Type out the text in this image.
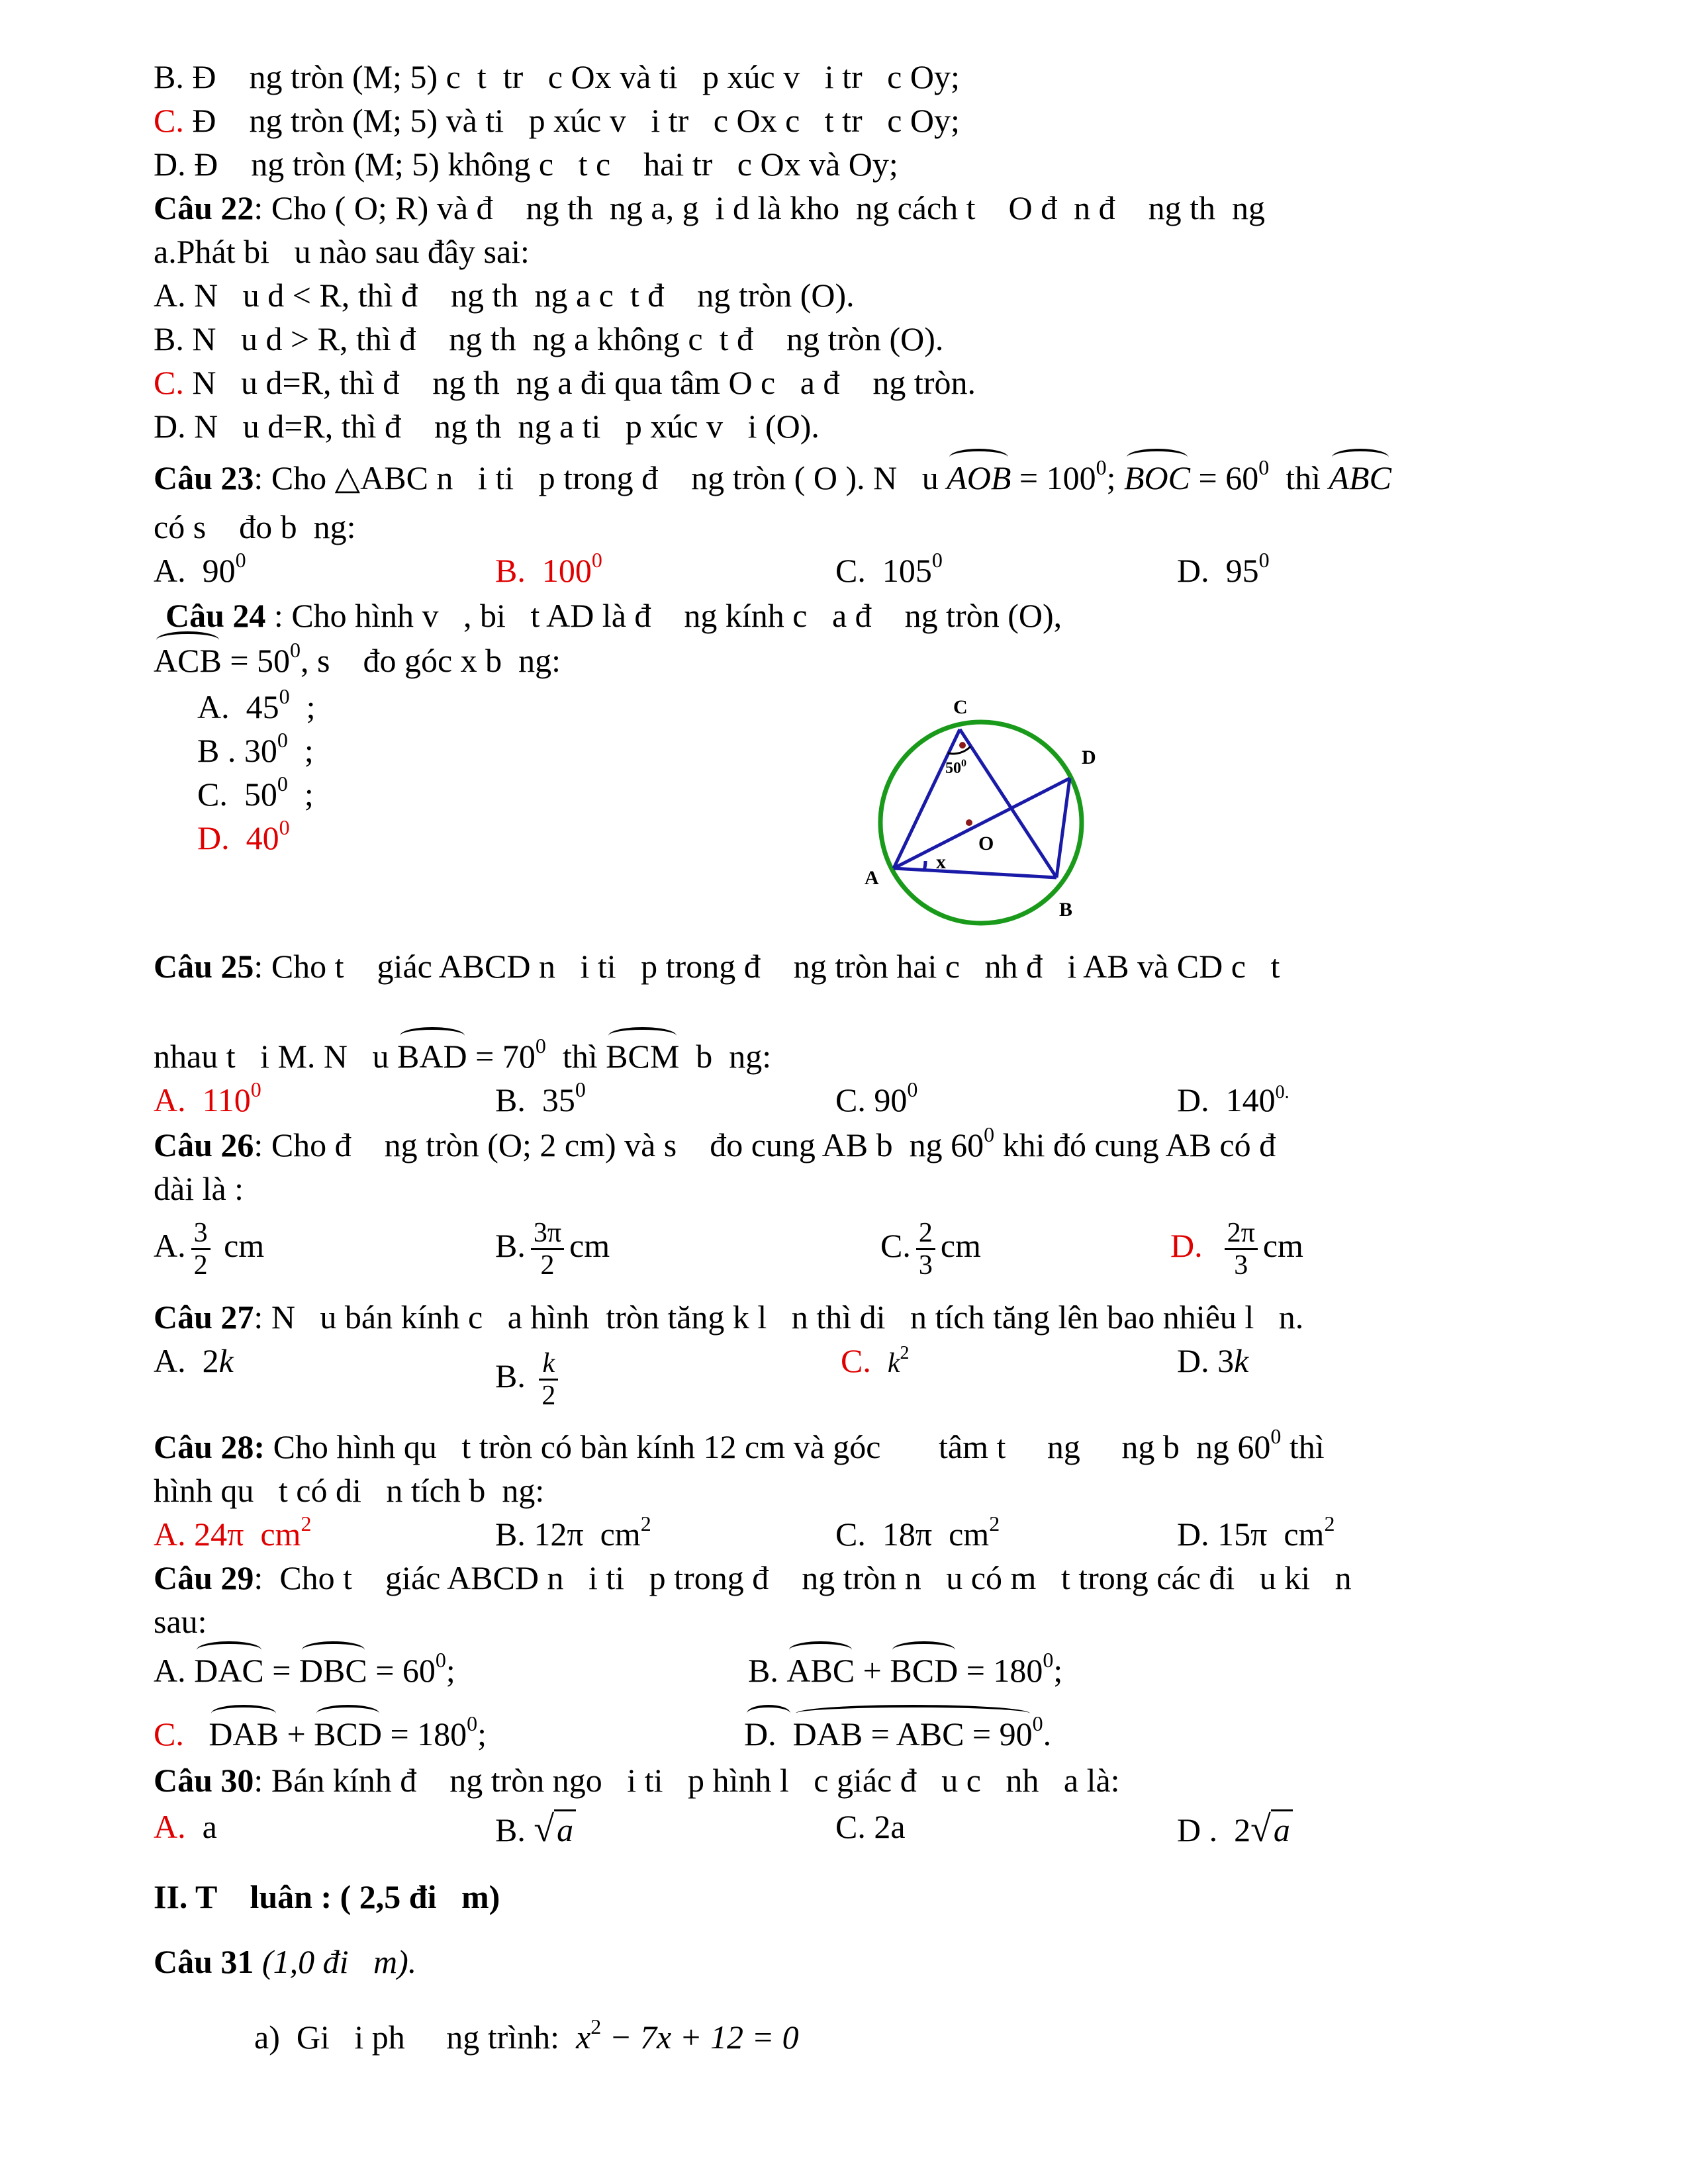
B. Đ    ng tròn (M; 5) c  t  tr   c Ox và ti   p xúc v   i tr   c Oy;
C. Đ    ng tròn (M; 5) và ti   p xúc v   i tr   c Ox c   t tr   c Oy;
D. Đ    ng tròn (M; 5) không c   t c    hai tr   c Ox và Oy;
Câu 22: Cho ( O; R) và đ    ng th  ng a, g  i d là kho  ng cách t    O đ  n đ    ng th  ng
a.Phát bi   u nào sau đây sai:
A. N   u d < R, thì đ    ng th  ng a c  t đ    ng tròn (O).
B. N   u d > R, thì đ    ng th  ng a không c  t đ    ng tròn (O).
C. N   u d=R, thì đ    ng th  ng a đi qua tâm O c   a đ    ng tròn.
D. N   u d=R, thì đ    ng th  ng a ti   p xúc v   i (O).
Câu 23: Cho △ABC n   i ti   p trong đ    ng tròn ( O ). N   u AOB = $100^0$; BOC = $60^0$  thì ABC
có s    đo b  ng:
A.  $90^0$	B.  $100^0$	C.  $105^0$	D.  $95^0$
Câu 24 : Cho hình v   , bi   t AD là đ    ng kính c   a đ    ng tròn (O),
ACB = $50^0$, s    đo góc x b  ng:
A.  $45^0$  ;
B . $30^0$  ;
C.  $50^0$  ;
D.  $40^0$
C
D
O
A
B
x
$50^0$
Câu 25: Cho t    giác ABCD n   i ti   p trong đ    ng tròn hai c   nh đ   i AB và CD c   t
nhau t   i M. N   u BAD = $70^0$  thì BCM  b  ng:
A.  $110^0$	B.  $35^0$	C. $90^0$	D.  $140^{0.}$
Câu 26: Cho đ    ng tròn (O; 2 cm) và s    đo cung AB b  ng $60^0$ khi đó cung AB có đ
dài là :
A. $\frac{3}{2}$ cm	B. $\frac{3\pi}{2}$ cm	C. $\frac{2}{3}$ cm	D. $\frac{2\pi}{3}$ cm
Câu 27: N   u bán kính c   a hình  tròn tăng k l   n thì di   n tích tăng lên bao nhiêu l   n.
A.  2k	B. $\frac{k}{2}$	C. $k^2$	D. 3k
Câu 28: Cho hình qu   t tròn có bàn kính 12 cm và góc       tâm t     ng     ng b  ng $60^0$ thì
hình qu   t có di   n tích b  ng:
A. 24π  $cm^2$	B. 12π  $cm^2$	C.  18π  $cm^2$	D. 15π  $cm^2$
Câu 29:  Cho t    giác ABCD n   i ti   p trong đ    ng tròn n   u có m   t trong các đi   u ki   n
sau:
A. DAC = DBC = $60^0$;	B. ABC + BCD = $180^0$;
C. DAB + BCD = $180^0$;	D.  DAB = ABC = $90^0$.
Câu 30: Bán kính đ    ng tròn ngo   i ti   p hình l   c giác đ   u c   nh   a là:
A.  a	B. √a	C. 2a	D .  2√a
II. T    luân : ( 2,5 đi   m)
Câu 31 (1,0 đi   m).
a)  Gi   i ph     ng trình:  $x^2 - 7x + 12 = 0$
